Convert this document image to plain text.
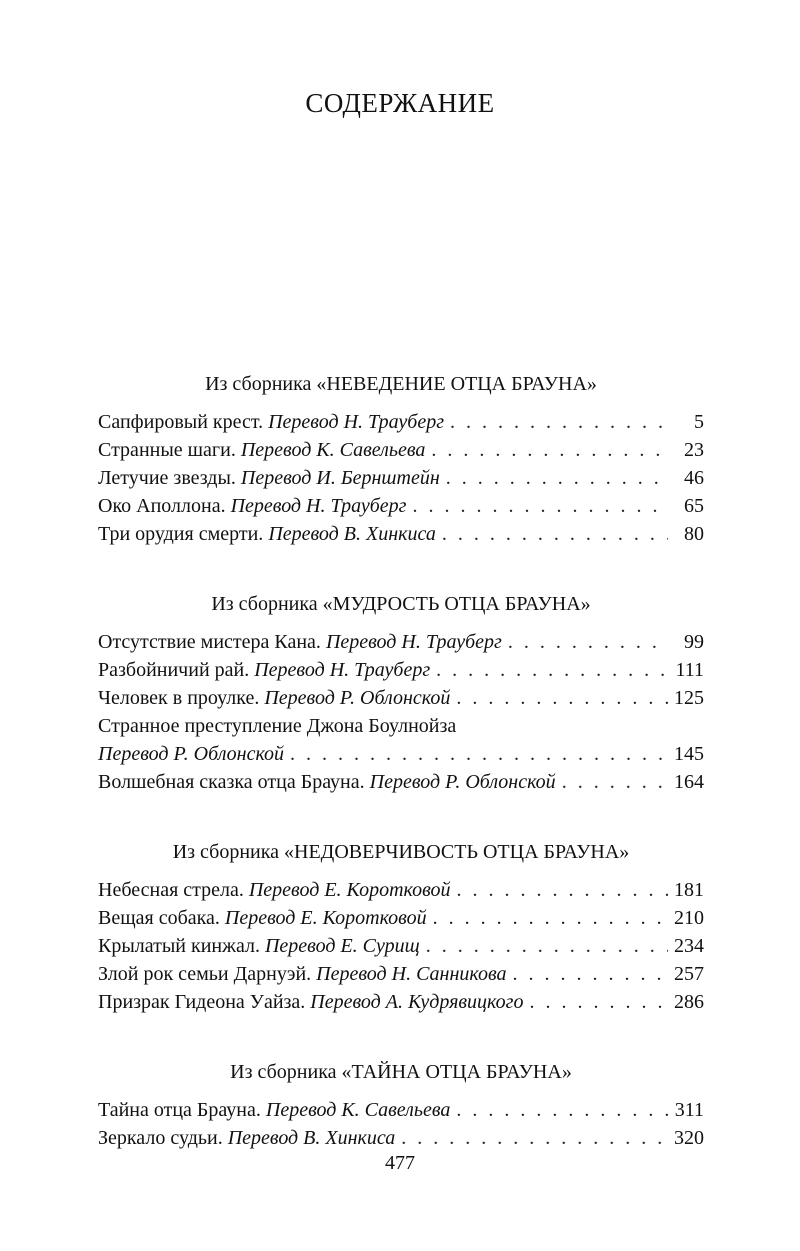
СОДЕРЖАНИЕ
Из сборника «НЕВЕДЕНИЕ ОТЦА БРАУНА»
Сапфировый крест. Перевод Н. Трауберг . . .	5
Странные шаги. Перевод К. Савельева . . .	23
Летучие звезды. Перевод И. Бернштейн . . .	46
Око Аполлона. Перевод Н. Трауберг . . .	65
Три орудия смерти. Перевод В. Хинкиса . . .	80
Из сборника «МУДРОСТЬ ОТЦА БРАУНА»
Отсутствие мистера Кана. Перевод Н. Трауберг . . .	99
Разбойничий рай. Перевод Н. Трауберг . . .	111
Человек в проулке. Перевод Р. Облонской . . .	125
Странное преступление Джона Боулнойза
Перевод Р. Облонской . . .	145
Волшебная сказка отца Брауна. Перевод Р. Облонской . . .	164
Из сборника «НЕДОВЕРЧИВОСТЬ ОТЦА БРАУНА»
Небесная стрела. Перевод Е. Коротковой . . .	181
Вещая собака. Перевод Е. Коротковой . . .	210
Крылатый кинжал. Перевод Е. Сурищ . . .	234
Злой рок семьи Дарнуэй. Перевод Н. Санникова . . .	257
Призрак Гидеона Уайза. Перевод А. Кудрявицкого . . .	286
Из сборника «ТАЙНА ОТЦА БРАУНА»
Тайна отца Брауна. Перевод К. Савельева . . .	311
Зеркало судьи. Перевод В. Хинкиса . . .	320
477
